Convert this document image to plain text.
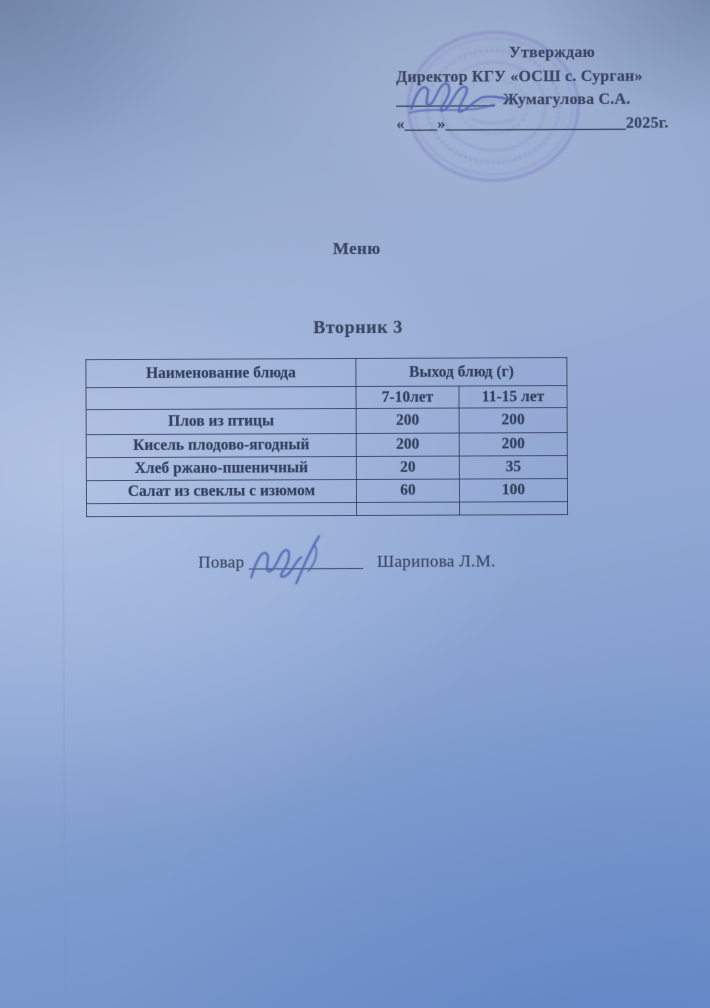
Утверждаю
Директор КГУ «ОСШ с. Сурган»
____________ Жумагулова С.А.
«____»______________________2025г.
Меню
Вторник 3
Наименование блюда	Выход блюд (г)	
	7-10лет	11-15 лет
Плов из птицы	200	200
Кисель плодово-ягодный	200	200
Хлеб ржано-пшеничный	20	35
Салат из свеклы с изюмом	60	100

Повар _____________ Шарипова Л.М.
